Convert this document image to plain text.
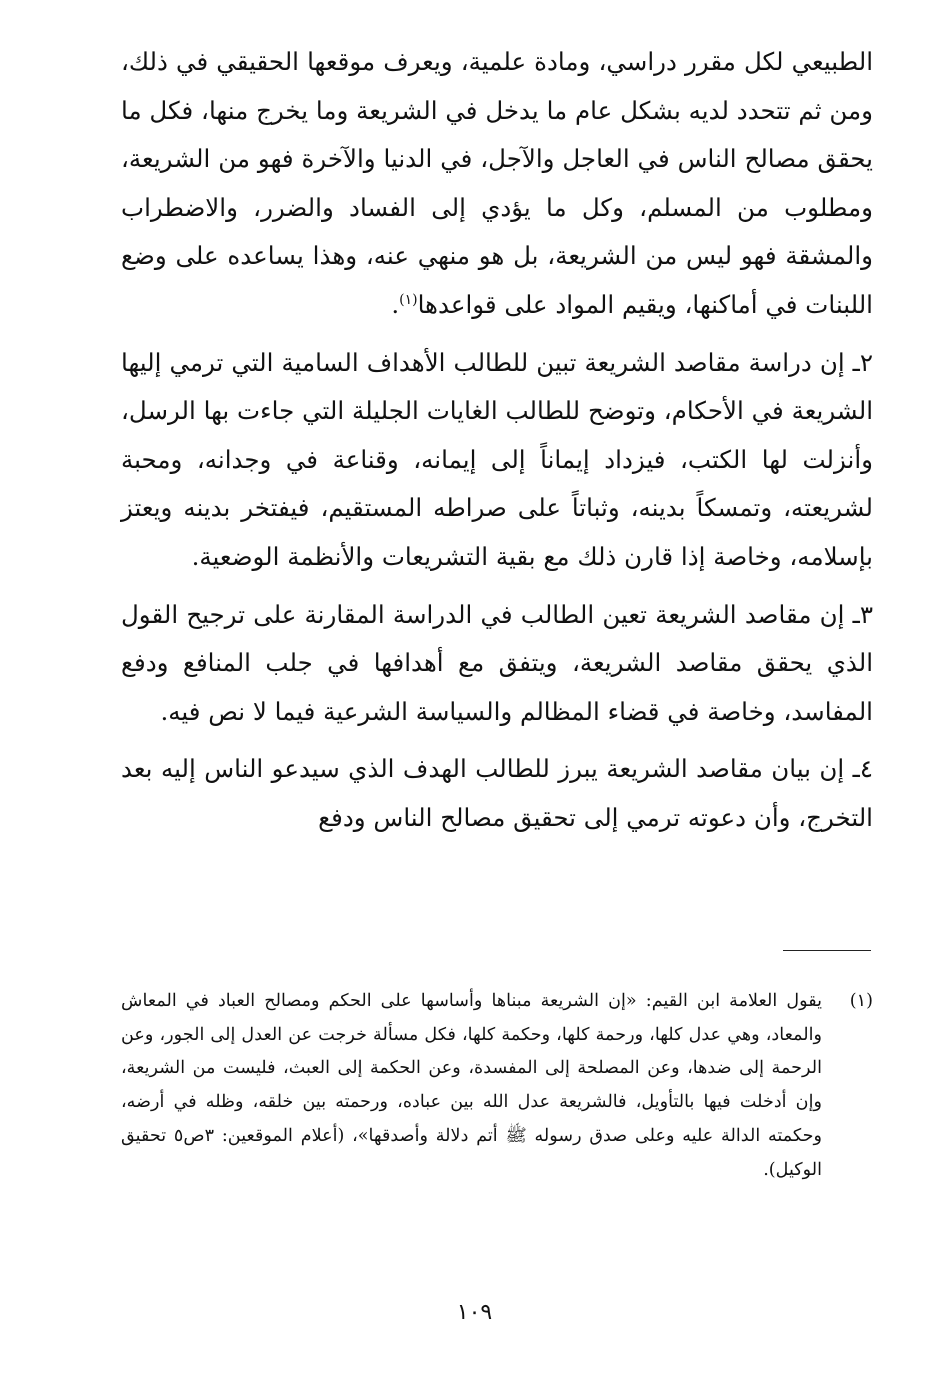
الطبيعي لكل مقرر دراسي، ومادة علمية، ويعرف موقعها الحقيقي في ذلك، ومن ثم تتحدد لديه بشكل عام ما يدخل في الشريعة وما يخرج منها، فكل ما يحقق مصالح الناس في العاجل والآجل، في الدنيا والآخرة فهو من الشريعة، ومطلوب من المسلم، وكل ما يؤدي إلى الفساد والضرر، والاضطراب والمشقة فهو ليس من الشريعة، بل هو منهي عنه، وهذا يساعده على وضع اللبنات في أماكنها، ويقيم المواد على قواعدها$^{(١)}$.

٢ـ إن دراسة مقاصد الشريعة تبين للطالب الأهداف السامية التي ترمي إليها الشريعة في الأحكام، وتوضح للطالب الغايات الجليلة التي جاءت بها الرسل، وأنزلت لها الكتب، فيزداد إيماناً إلى إيمانه، وقناعة في وجدانه، ومحبة لشريعته، وتمسكاً بدينه، وثباتاً على صراطه المستقيم، فيفتخر بدينه ويعتز بإسلامه، وخاصة إذا قارن ذلك مع بقية التشريعات والأنظمة الوضعية.

٣ـ إن مقاصد الشريعة تعين الطالب في الدراسة المقارنة على ترجيح القول الذي يحقق مقاصد الشريعة، ويتفق مع أهدافها في جلب المنافع ودفع المفاسد، وخاصة في قضاء المظالم والسياسة الشرعية فيما لا نص فيه.

٤ـ إن بيان مقاصد الشريعة يبرز للطالب الهدف الذي سيدعو الناس إليه بعد التخرج، وأن دعوته ترمي إلى تحقيق مصالح الناس ودفع

(١)
يقول العلامة ابن القيم: «إن الشريعة مبناها وأساسها على الحكم ومصالح العباد في المعاش والمعاد، وهي عدل كلها، ورحمة كلها، وحكمة كلها، فكل مسألة خرجت عن العدل إلى الجور، وعن الرحمة إلى ضدها، وعن المصلحة إلى المفسدة، وعن الحكمة إلى العبث، فليست من الشريعة، وإن أدخلت فيها بالتأويل، فالشريعة عدل الله بين عباده، ورحمته بين خلقه، وظله في أرضه، وحكمته الدالة عليه وعلى صدق رسوله ﷺ أتم دلالة وأصدقها»، (أعلام الموقعين: ٣ص٥ تحقيق الوكيل).
١٠٩
